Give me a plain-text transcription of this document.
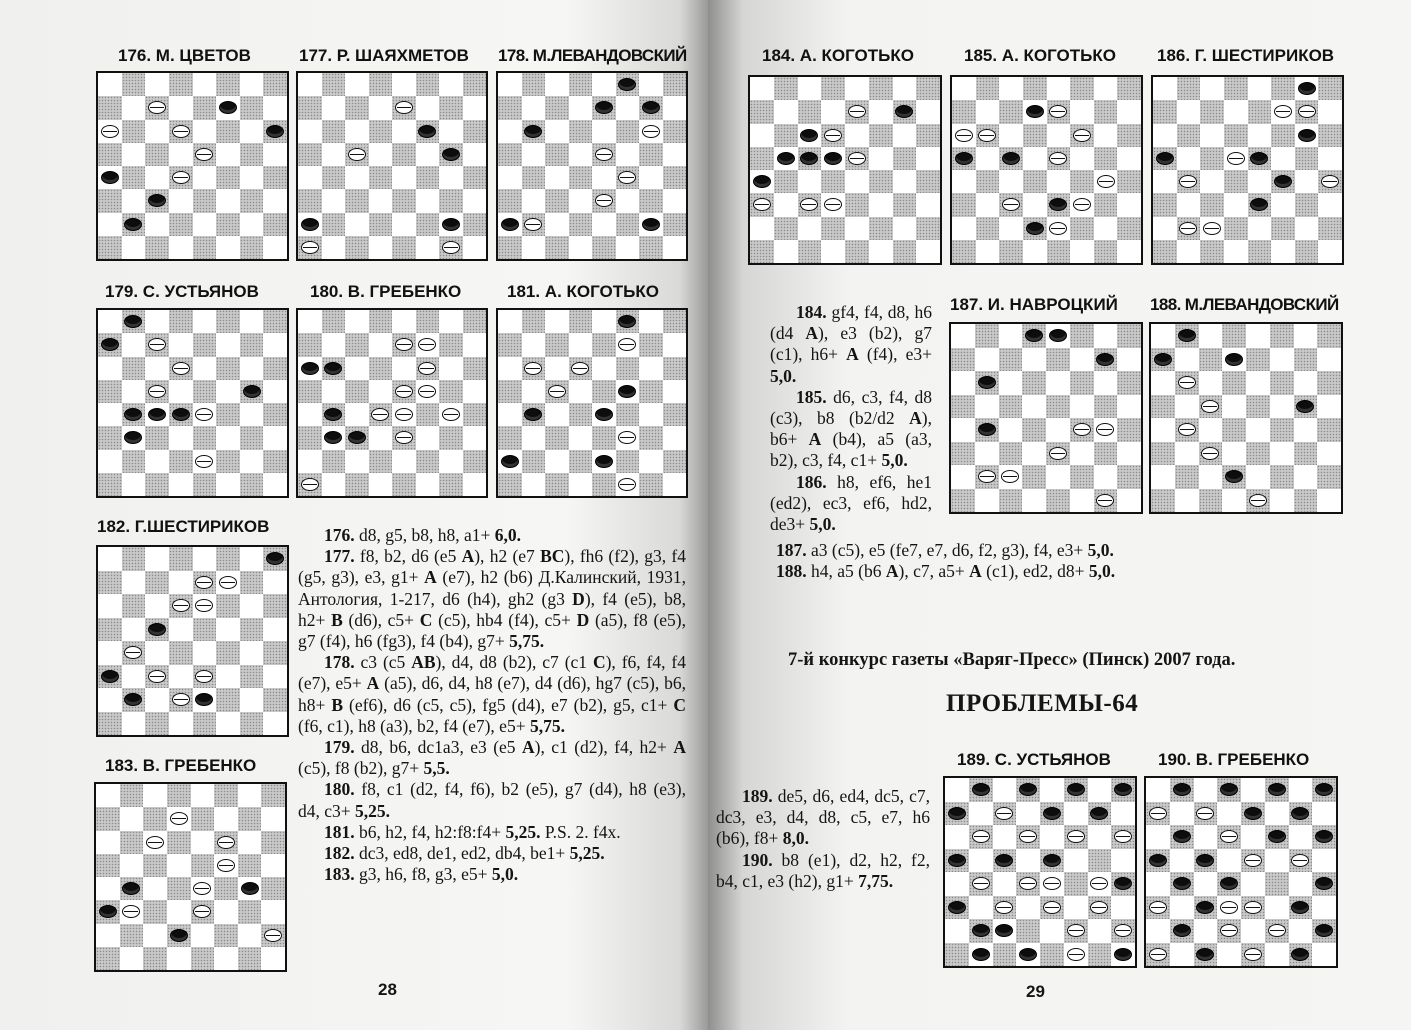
176. М. ЦВЕТОВ	177. Р. ШАЯХМЕТОВ 178. М.ЛЕВАНДОВСКИЙ
179. С. УСТЬЯНОВ	180. В. ГРЕБЕНКО	181. А. КОГОТЬКО
182. Г.ШЕСТИРИКОВ
183. В. ГРЕБЕНКО

176. d8, g5, b8, h8, a1+ 6,0.

177. f8, b2, d6 (e5 A), h2 (e7 BC), fh6 (f2), g3, f4 (g5, g3), e3, g1+ A (e7), h2 (b6) Д.Калинский, 1931, Антология, 1-217, d6 (h4), gh2 (g3 D), f4 (e5), b8, h2+ B (d6), c5+ C (c5), hb4 (f4), c5+ D (a5), f8 (e5), g7 (f4), h6 (fg3), f4 (b4), g7+ 5,75.

178. c3 (c5 AB), d4, d8 (b2), c7 (c1 C), f6, f4, f4 (e7), e5+ A (a5), d6, d4, h8 (e7), d4 (d6), hg7 (c5), b6, h8+ B (ef6), d6 (c5, c5), fg5 (d4), e7 (b2), g5, c1+ C (f6, c1), h8 (a3), b2, f4 (e7), e5+ 5,75.

179. d8, b6, dc1a3, e3 (e5 A), c1 (d2), f4, h2+ A (c5), f8 (b2), g7+ 5,5.

180. f8, c1 (d2, f4, f6), b2 (e5), g7 (d4), h8 (e3), d4, c3+ 5,25.

181. b6, h2, f4, h2:f8:f4+ 5,25. P.S. 2. f4x.

182. dc3, ed8, de1, ed2, db4, be1+ 5,25.

183. g3, h6, f8, g3, e5+ 5,0.

28
184. А. КОГОТЬКО	185. А. КОГОТЬКО 186. Г. ШЕСТИРИКОВ

184. gf4, f4, d8, h6 (d4 A), e3 (b2), g7 (c1), h6+ A (f4), e3+ 5,0.

185. d6, c3, f4, d8 (c3), b8 (b2/d2 A), b6+ A (b4), a5 (a3, b2), c3, f4, c1+ 5,0.

186. h8, ef6, he1 (ed2), ec3, ef6, hd2, de3+ 5,0.

187. И. НАВРОЦКИЙ 188. М.ЛЕВАНДОВСКИЙ

187. a3 (c5), e5 (fe7, e7, d6, f2, g3), f4, e3+ 5,0.

188. h4, a5 (b6 A), c7, a5+ A (c1), ed2, d8+ 5,0.

7-й конкурс газеты «Варяг-Пресс» (Пинск) 2007 года.
ПРОБЛЕМЫ-64
189. С. УСТЬЯНОВ	190. В. ГРЕБЕНКО

189. de5, d6, ed4, dc5, c7, dc3, e3, d4, d8, c5, e7, h6 (b6), f8+ 8,0.

190. b8 (e1), d2, h2, f2, b4, c1, e3 (h2), g1+ 7,75.

29
